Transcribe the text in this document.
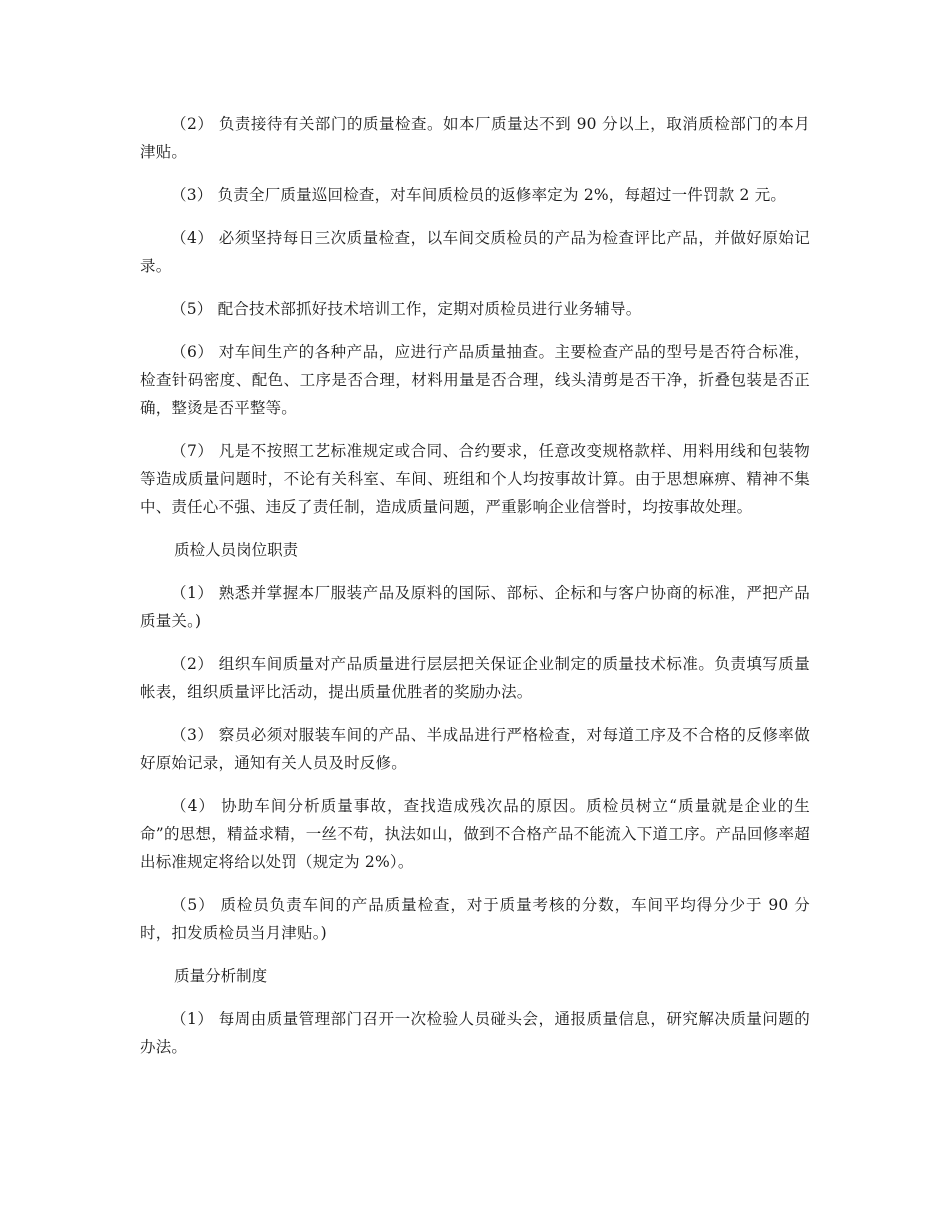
（2） 负责接待有关部门的质量检查。如本厂质量达不到 90 分以上，取消质检部门的本月津贴。

（3） 负责全厂质量巡回检查，对车间质检员的返修率定为 2%，每超过一件罚款 2 元。

（4） 必须坚持每日三次质量检查，以车间交质检员的产品为检查评比产品，并做好原始记录。

（5） 配合技术部抓好技术培训工作，定期对质检员进行业务辅导。

（6） 对车间生产的各种产品，应进行产品质量抽查。主要检查产品的型号是否符合标准，检查针码密度、配色、工序是否合理，材料用量是否合理，线头清剪是否干净，折叠包装是否正确，整烫是否平整等。

（7） 凡是不按照工艺标准规定或合同、合约要求，任意改变规格款样、用料用线和包装物等造成质量问题时，不论有关科室、车间、班组和个人均按事故计算。由于思想麻痹、精神不集中、责任心不强、违反了责任制，造成质量问题，严重影响企业信誉时，均按事故处理。

质检人员岗位职责

（1） 熟悉并掌握本厂服装产品及原料的国际、部标、企标和与客户协商的标准，严把产品质量关。)

（2） 组织车间质量对产品质量进行层层把关保证企业制定的质量技术标准。负责填写质量帐表，组织质量评比活动，提出质量优胜者的奖励办法。

（3） 察员必须对服装车间的产品、半成品进行严格检查，对每道工序及不合格的反修率做好原始记录，通知有关人员及时反修。

（4） 协助车间分析质量事故，查找造成残次品的原因。质检员树立“质量就是企业的生命”的思想，精益求精，一丝不苟，执法如山，做到不合格产品不能流入下道工序。产品回修率超出标准规定将给以处罚（规定为 2%）。

（5） 质检员负责车间的产品质量检查，对于质量考核的分数，车间平均得分少于 90 分时，扣发质检员当月津贴。)

质量分析制度

（1） 每周由质量管理部门召开一次检验人员碰头会，通报质量信息，研究解决质量问题的办法。
